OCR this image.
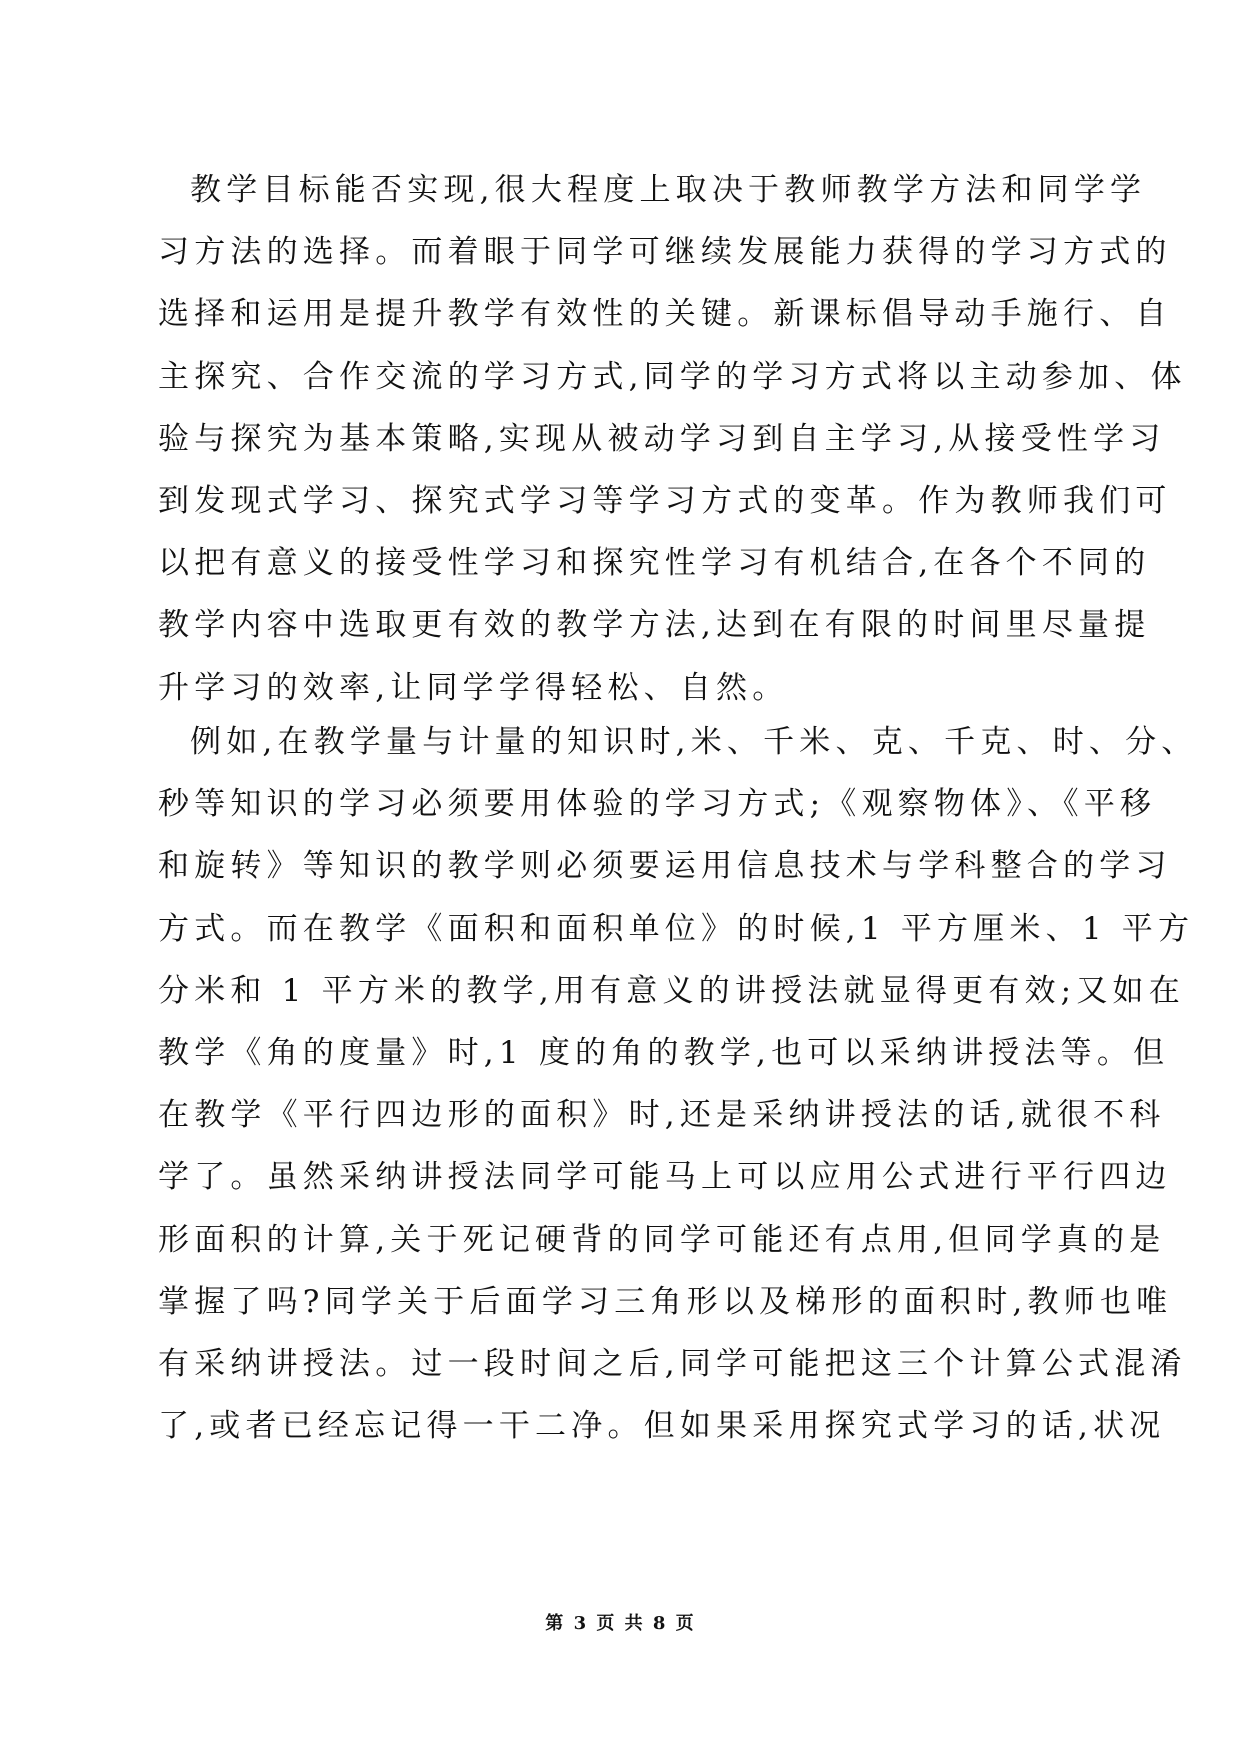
教学目标能否实现,很大程度上取决于教师教学方法和同学学
习方法的选择。而着眼于同学可继续发展能力获得的学习方式的
选择和运用是提升教学有效性的关键。新课标倡导动手施行、自
主探究、合作交流的学习方式,同学的学习方式将以主动参加、体
验与探究为基本策略,实现从被动学习到自主学习,从接受性学习
到发现式学习、探究式学习等学习方式的变革。作为教师我们可
以把有意义的接受性学习和探究性学习有机结合,在各个不同的
教学内容中选取更有效的教学方法,达到在有限的时间里尽量提
升学习的效率,让同学学得轻松、自然。
例如,在教学量与计量的知识时,米、千米、克、千克、时、分、
秒等知识的学习必须要用体验的学习方式;《观察物体》、《平移
和旋转》等知识的教学则必须要运用信息技术与学科整合的学习
方式。而在教学《面积和面积单位》的时候,1 平方厘米、1 平方
分米和 1 平方米的教学,用有意义的讲授法就显得更有效;又如在
教学《角的度量》时,1 度的角的教学,也可以采纳讲授法等。但
在教学《平行四边形的面积》时,还是采纳讲授法的话,就很不科
学了。虽然采纳讲授法同学可能马上可以应用公式进行平行四边
形面积的计算,关于死记硬背的同学可能还有点用,但同学真的是
掌握了吗?同学关于后面学习三角形以及梯形的面积时,教师也唯
有采纳讲授法。过一段时间之后,同学可能把这三个计算公式混淆
了,或者已经忘记得一干二净。但如果采用探究式学习的话,状况
第 3 页 共 8 页
